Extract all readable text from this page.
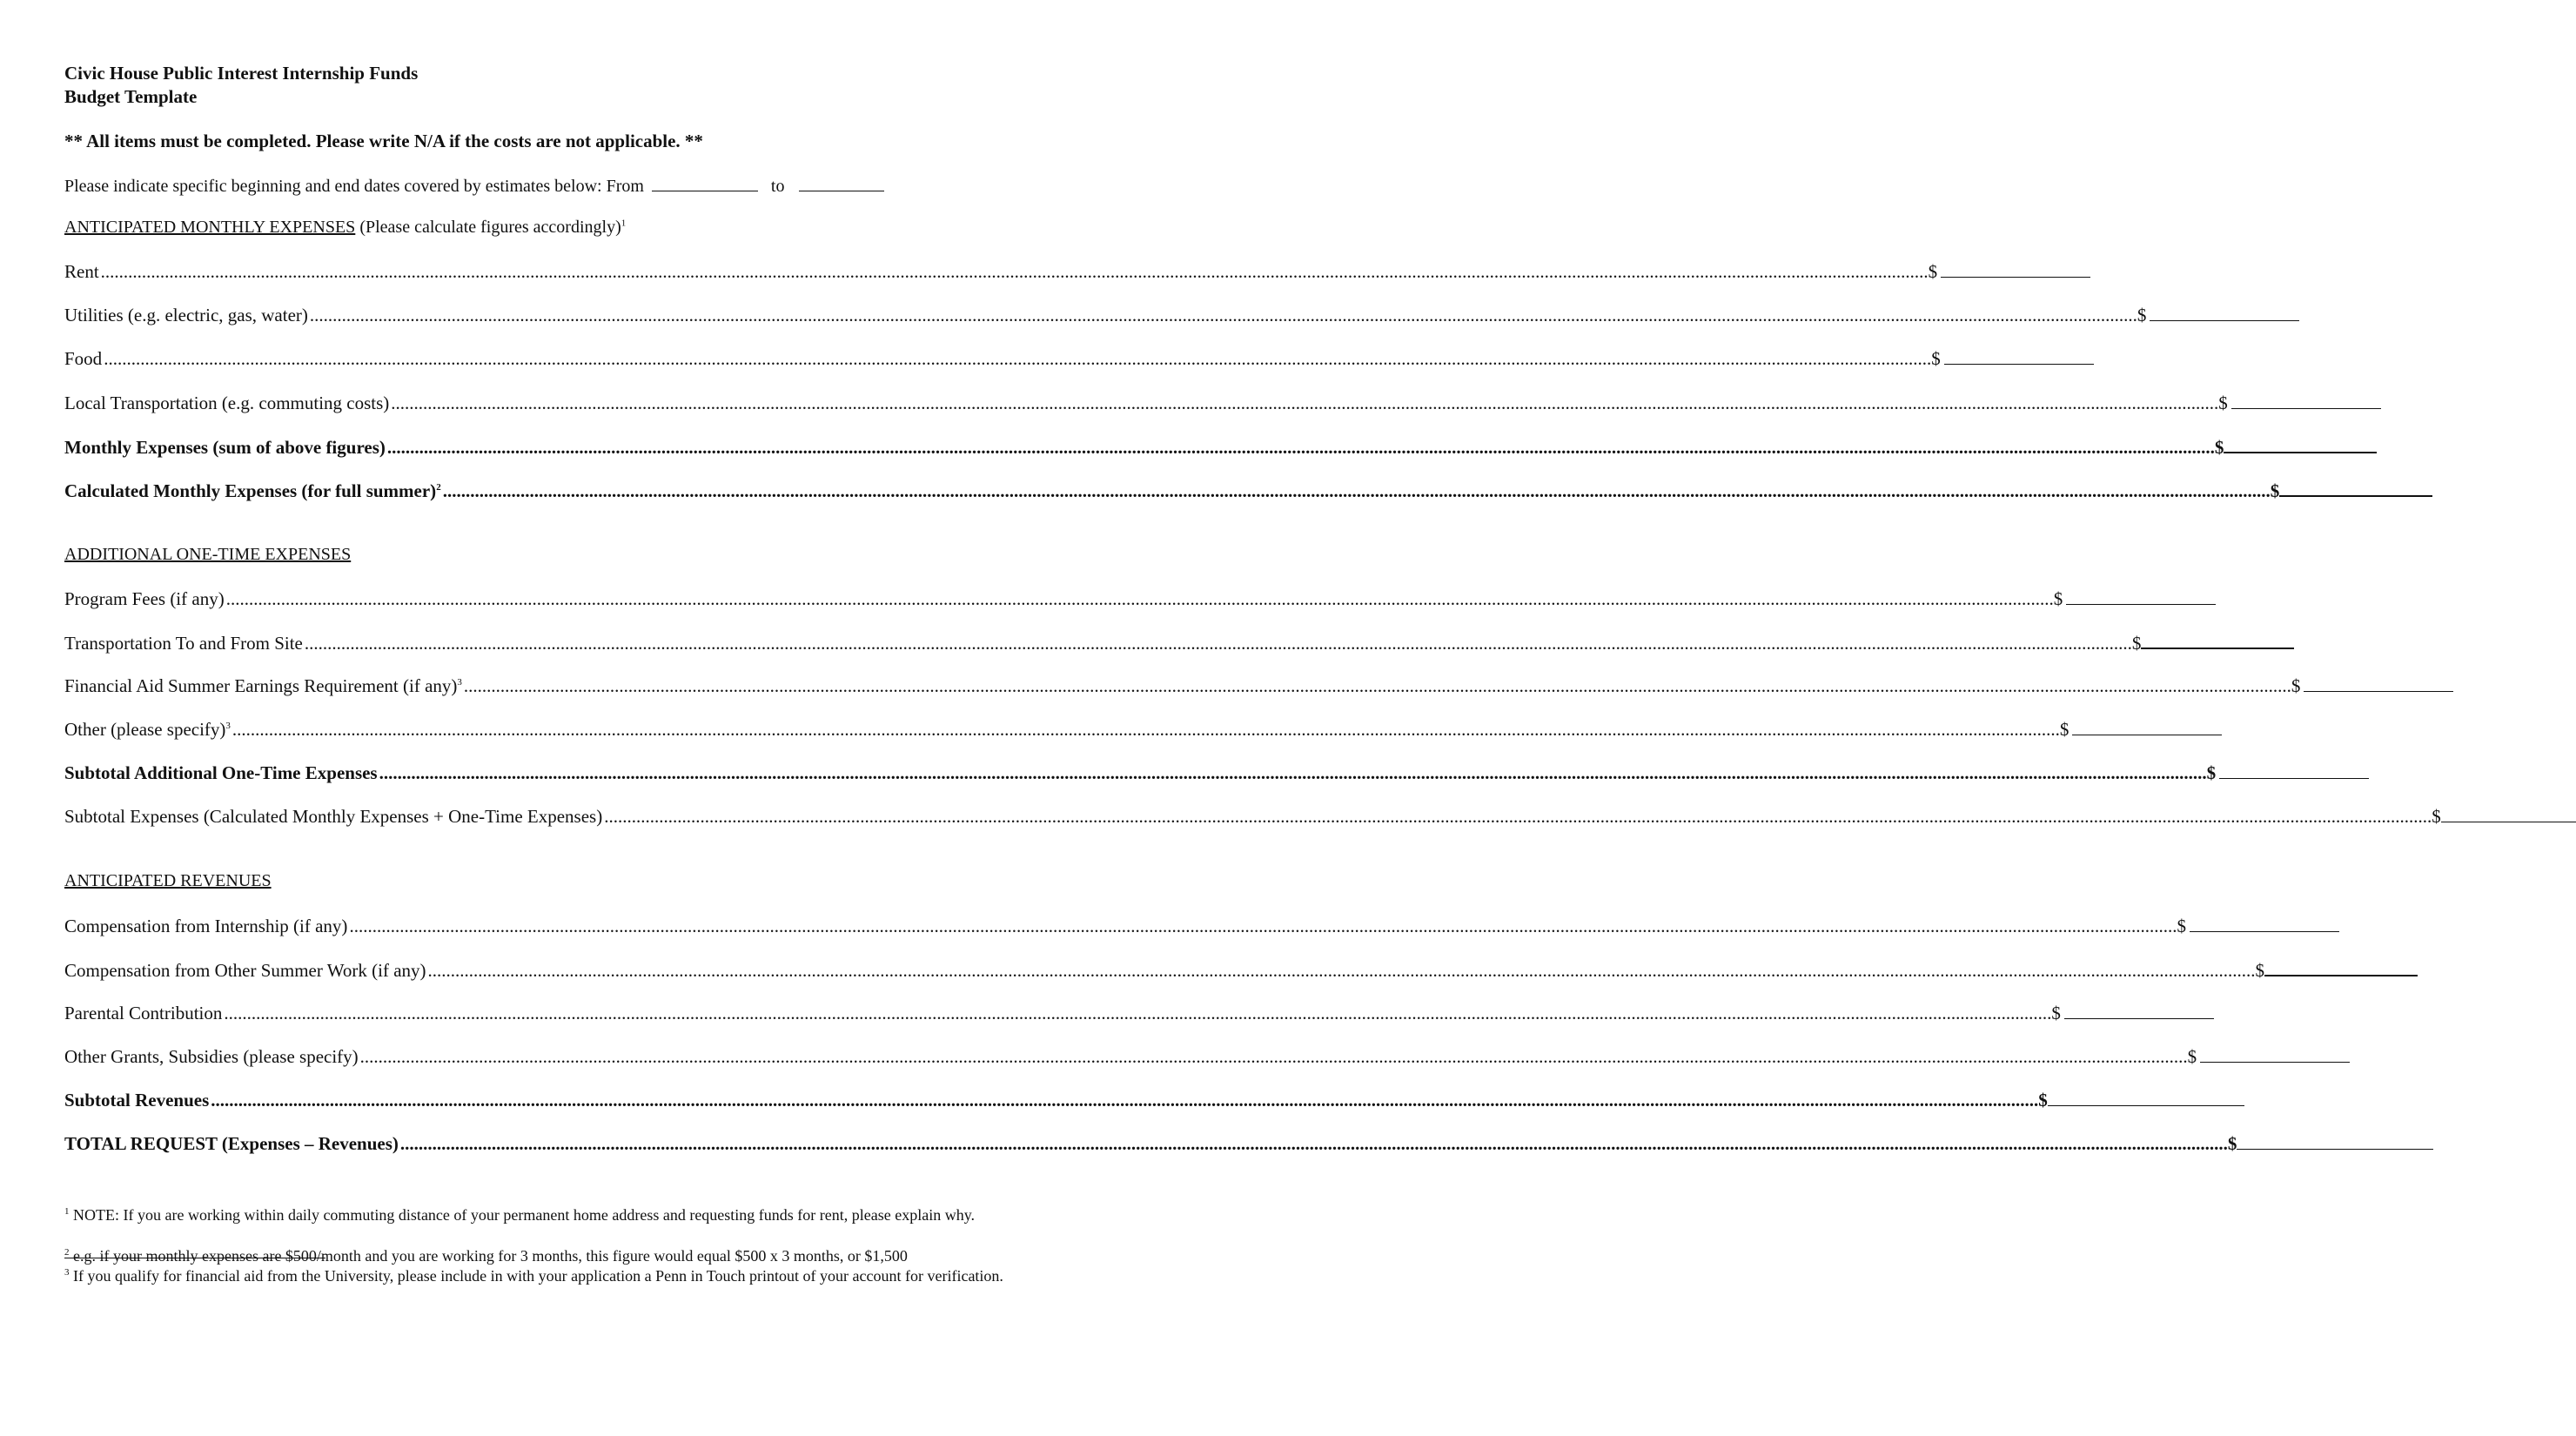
Civic House Public Interest Internship Funds
Budget Template
** All items must be completed. Please write N/A if the costs are not applicable. **
Please indicate specific beginning and end dates covered by estimates below: From	to
ANTICIPATED MONTHLY EXPENSES (Please calculate figures accordingly)$^1$
Rent ................................................................................................................................................................................................................................................................................................................................................................................................................ $
Utilities (e.g. electric, gas, water) ................................................................................................................................................................................................................................................................................................................................................................................................................ $
Food ................................................................................................................................................................................................................................................................................................................................................................................................................ $
Local Transportation (e.g. commuting costs) ................................................................................................................................................................................................................................................................................................................................................................................................................ $
Monthly Expenses (sum of above figures) ................................................................................................................................................................................................................................................................................................................................................................................................................ $
Calculated Monthly Expenses (for full summer)$^2$ ................................................................................................................................................................................................................................................................................................................................................................................................................ $
ADDITIONAL ONE-TIME EXPENSES
Program Fees (if any) ................................................................................................................................................................................................................................................................................................................................................................................................................ $
Transportation To and From Site ................................................................................................................................................................................................................................................................................................................................................................................................................ $
Financial Aid Summer Earnings Requirement (if any)$^3$ ................................................................................................................................................................................................................................................................................................................................................................................................................ $
Other (please specify)$^3$ ................................................................................................................................................................................................................................................................................................................................................................................................................ $
Subtotal Additional One-Time Expenses ................................................................................................................................................................................................................................................................................................................................................................................................................ $
Subtotal Expenses (Calculated Monthly Expenses + One-Time Expenses) ................................................................................................................................................................................................................................................................................................................................................................................................................ $
ANTICIPATED REVENUES
Compensation from Internship (if any) ................................................................................................................................................................................................................................................................................................................................................................................................................ $
Compensation from Other Summer Work (if any) ................................................................................................................................................................................................................................................................................................................................................................................................................ $
Parental Contribution ................................................................................................................................................................................................................................................................................................................................................................................................................ $
Other Grants, Subsidies (please specify) ................................................................................................................................................................................................................................................................................................................................................................................................................ $
Subtotal Revenues ................................................................................................................................................................................................................................................................................................................................................................................................................ $
TOTAL REQUEST (Expenses – Revenues) ................................................................................................................................................................................................................................................................................................................................................................................................................ $
$^1$ NOTE: If you are working within daily commuting distance of your permanent home address and requesting funds for rent, please explain why.
$^2$ e.g. if your monthly expenses are $500/month and you are working for 3 months, this figure would equal $500 x 3 months, or $1,500
$^3$ If you qualify for financial aid from the University, please include in with your application a Penn in Touch printout of your account for verification.
